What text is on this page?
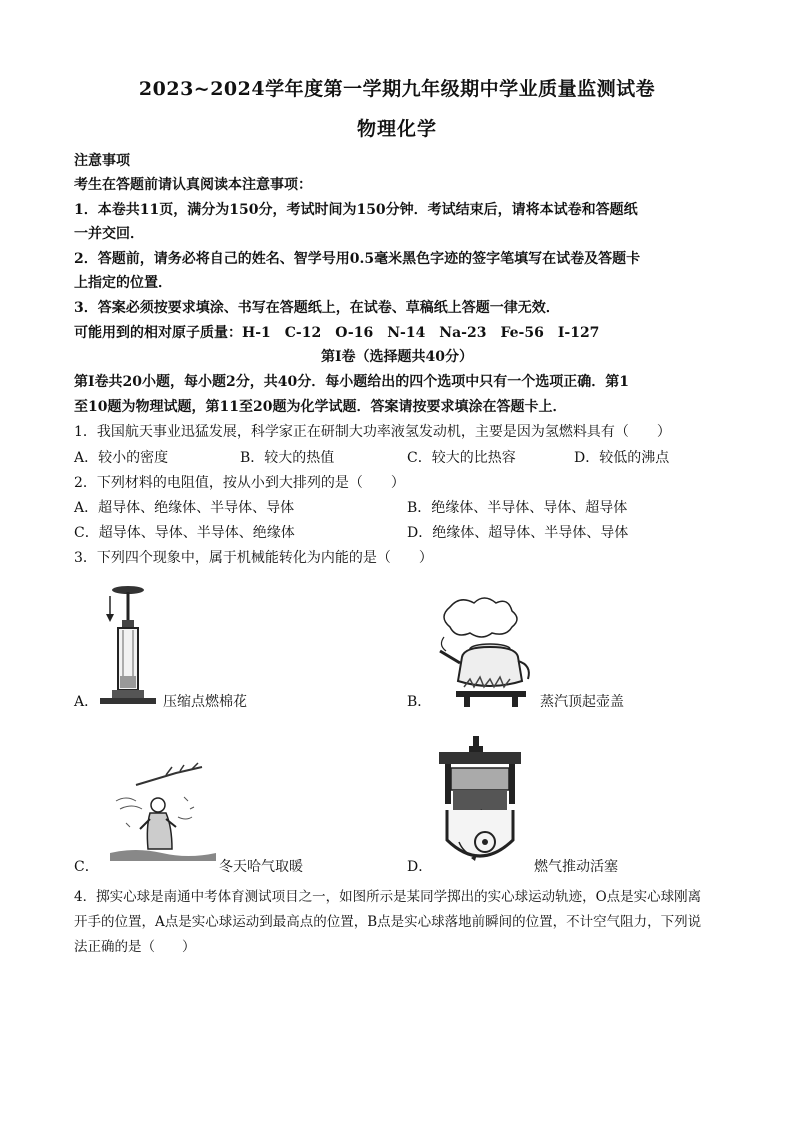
2023~2024学年度第一学期九年级期中学业质量监测试卷
物理化学
注意事项
考生在答题前请认真阅读本注意事项：
1．本卷共11页，满分为150分，考试时间为150分钟．考试结束后，请将本试卷和答题纸
一并交回．
2．答题前，请务必将自己的姓名、智学号用0.5毫米黑色字迹的签字笔填写在试卷及答题卡
上指定的位置．
3．答案必须按要求填涂、书写在答题纸上，在试卷、草稿纸上答题一律无效．
可能用到的相对原子质量：H-1　C-12　O-16　N-14　Na-23　Fe-56　I-127
第Ⅰ卷（选择题共40分）
第Ⅰ卷共20小题，每小题2分，共40分．每小题给出的四个选项中只有一个选项正确．第1
至10题为物理试题，第11至20题为化学试题．答案请按要求填涂在答题卡上．
1．我国航天事业迅猛发展，科学家正在研制大功率液氢发动机，主要是因为氢燃料具有（　　）
A．较小的密度	B．较大的热值	C．较大的比热容	D．较低的沸点
2．下列材料的电阻值，按从小到大排列的是（　　）
A．超导体、绝缘体、半导体、导体	B．绝缘体、半导体、导体、超导体
C．超导体、导体、半导体、绝缘体	D．绝缘体、超导体、半导体、导体
3．下列四个现象中，属于机械能转化为内能的是（　　）
A．	压缩点燃棉花	B．	蒸汽顶起壶盖
C．	冬天哈气取暖	D．	燃气推动活塞
4．掷实心球是南通中考体育测试项目之一，如图所示是某同学掷出的实心球运动轨迹，O点是实心球刚离
开手的位置，A点是实心球运动到最高点的位置，B点是实心球落地前瞬间的位置，不计空气阻力，下列说
法正确的是（　　）
